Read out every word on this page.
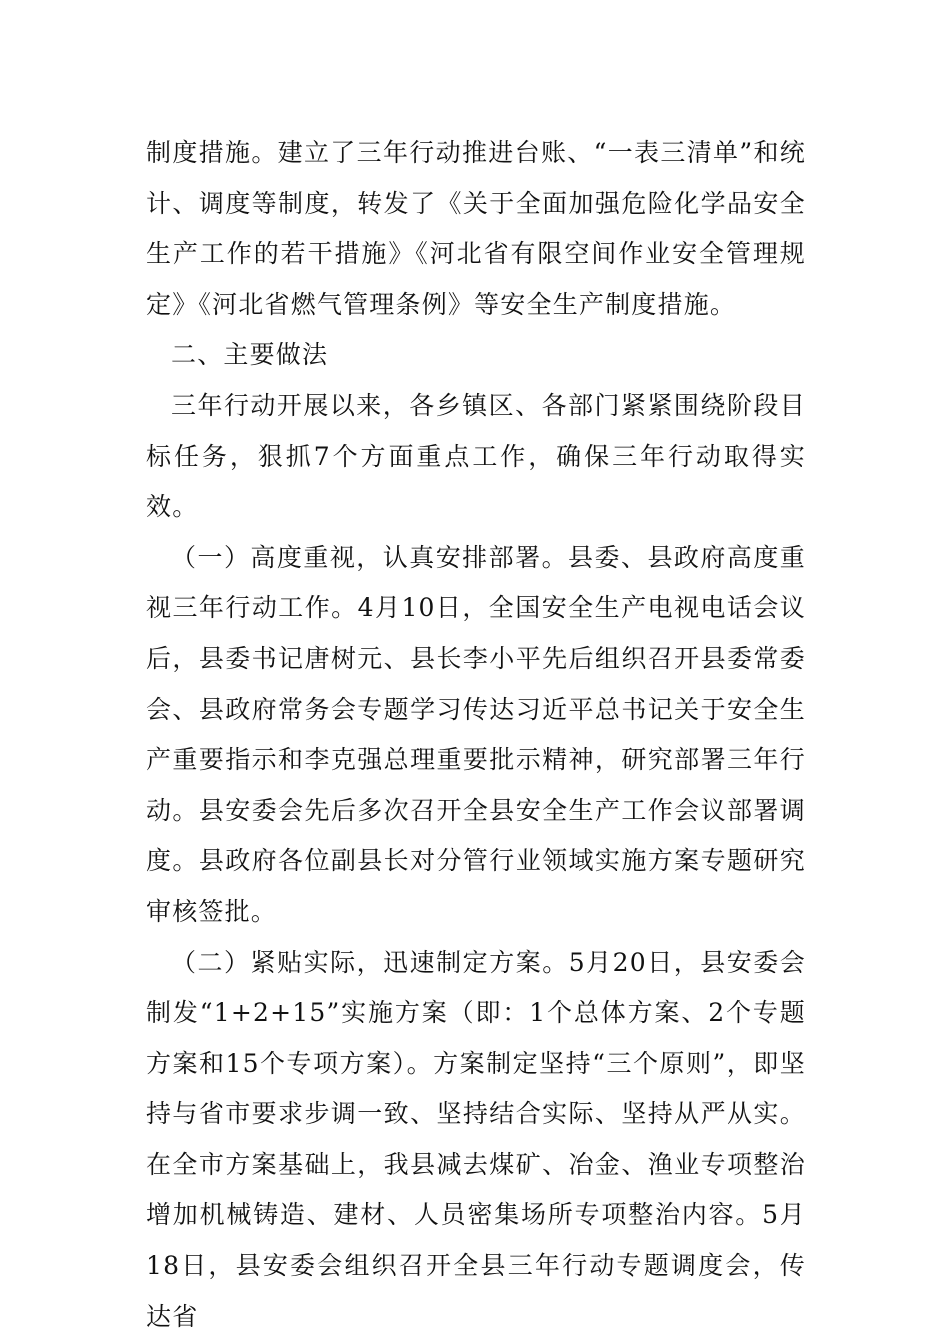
制度措施。建立了三年行动推进台账、“一表三清单”和统计、调度等制度，转发了《关于全面加强危险化学品安全生产工作的若干措施》《河北省有限空间作业安全管理规定》《河北省燃气管理条例》等安全生产制度措施。

二、主要做法

三年行动开展以来，各乡镇区、各部门紧紧围绕阶段目标任务，狠抓7个方面重点工作，确保三年行动取得实效。

（一）高度重视，认真安排部署。县委、县政府高度重视三年行动工作。4月10日，全国安全生产电视电话会议后，县委书记唐树元、县长李小平先后组织召开县委常委会、县政府常务会专题学习传达习近平总书记关于安全生产重要指示和李克强总理重要批示精神，研究部署三年行动。县安委会先后多次召开全县安全生产工作会议部署调度。县政府各位副县长对分管行业领域实施方案专题研究审核签批。

（二）紧贴实际，迅速制定方案。5月20日，县安委会制发“1+2+15”实施方案（即：1个总体方案、2个专题方案和15个专项方案）。方案制定坚持“三个原则”，即坚持与省市要求步调一致、坚持结合实际、坚持从严从实。在全市方案基础上，我县减去煤矿、冶金、渔业专项整治增加机械铸造、建材、人员密集场所专项整治内容。5月18日，县安委会组织召开全县三年行动专题调度会，传达省
